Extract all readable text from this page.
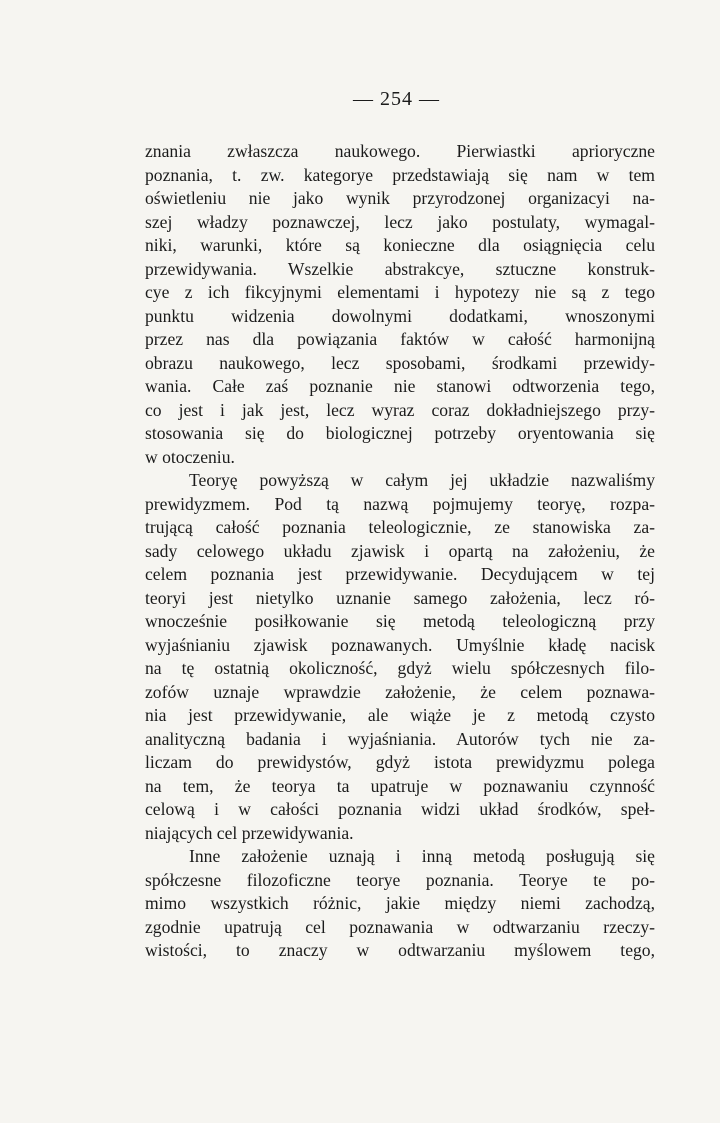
— 254 —

znania zwłaszcza naukowego. Pierwiastki aprioryczne
poznania, t. zw. kategorye przedstawiają się nam w tem
oświetleniu nie jako wynik przyrodzonej organizacyi na-
szej władzy poznawczej, lecz jako postulaty, wymagal-
niki, warunki, które są konieczne dla osiągnięcia celu
przewidywania. Wszelkie abstrakcye, sztuczne konstruk-
cye z ich fikcyjnymi elementami i hypotezy nie są z tego
punktu widzenia dowolnymi dodatkami, wnoszonymi
przez nas dla powiązania faktów w całość harmonijną
obrazu naukowego, lecz sposobami, środkami przewidy-
wania. Całe zaś poznanie nie stanowi odtworzenia tego,
co jest i jak jest, lecz wyraz coraz dokładniejszego przy-
stosowania się do biologicznej potrzeby oryentowania się
w otoczeniu.

Teoryę powyższą w całym jej układzie nazwaliśmy
prewidyzmem. Pod tą nazwą pojmujemy teoryę, rozpa-
trującą całość poznania teleologicznie, ze stanowiska za-
sady celowego układu zjawisk i opartą na założeniu, że
celem poznania jest przewidywanie. Decydującem w tej
teoryi jest nietylko uznanie samego założenia, lecz ró-
wnocześnie posiłkowanie się metodą teleologiczną przy
wyjaśnianiu zjawisk poznawanych. Umyślnie kładę nacisk
na tę ostatnią okoliczność, gdyż wielu spółczesnych filo-
zofów uznaje wprawdzie założenie, że celem poznawa-
nia jest przewidywanie, ale wiąże je z metodą czysto
analityczną badania i wyjaśniania. Autorów tych nie za-
liczam do prewidystów, gdyż istota prewidyzmu polega
na tem, że teorya ta upatruje w poznawaniu czynność
celową i w całości poznania widzi układ środków, speł-
niających cel przewidywania.

Inne założenie uznają i inną metodą posługują się
spółczesne filozoficzne teorye poznania. Teorye te po-
mimo wszystkich różnic, jakie między niemi zachodzą,
zgodnie upatrują cel poznawania w odtwarzaniu rzeczy-
wistości, to znaczy w odtwarzaniu myślowem tego,
